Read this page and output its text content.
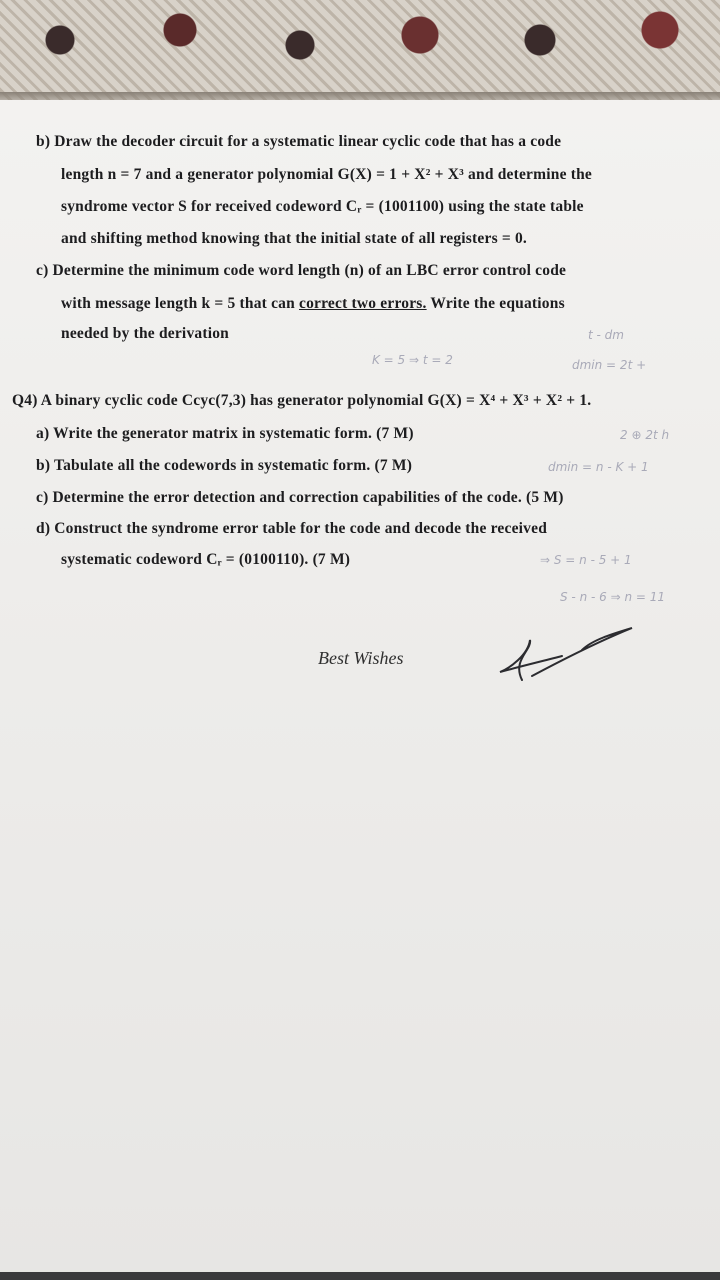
b) Draw the decoder circuit for a systematic linear cyclic code that has a code
length n = 7 and a generator polynomial G(X) = 1 + X² + X³ and determine the
syndrome vector S for received codeword Cᵣ = (1001100) using the state table
and shifting method knowing that the initial state of all registers = 0.
c) Determine the minimum code word length (n) of an LBC error control code
with message length k = 5 that can correct two errors. Write the equations
needed by the derivation	t - dm
K = 5 ⇒ t = 2	dmin = 2t +
Q4) A binary cyclic code Ccyc(7,3) has generator polynomial G(X) = X⁴ + X³ + X² + 1.
a) Write the generator matrix in systematic form. (7 M)	2 ⊕ 2t h
b) Tabulate all the codewords in systematic form. (7 M)	dmin = n - K + 1
c) Determine the error detection and correction capabilities of the code. (5 M)
d) Construct the syndrome error table for the code and decode the received
systematic codeword Cᵣ = (0100110). (7 M)	⇒ S = n - 5 + 1
S - n - 6 ⇒ n = 11
Best Wishes
